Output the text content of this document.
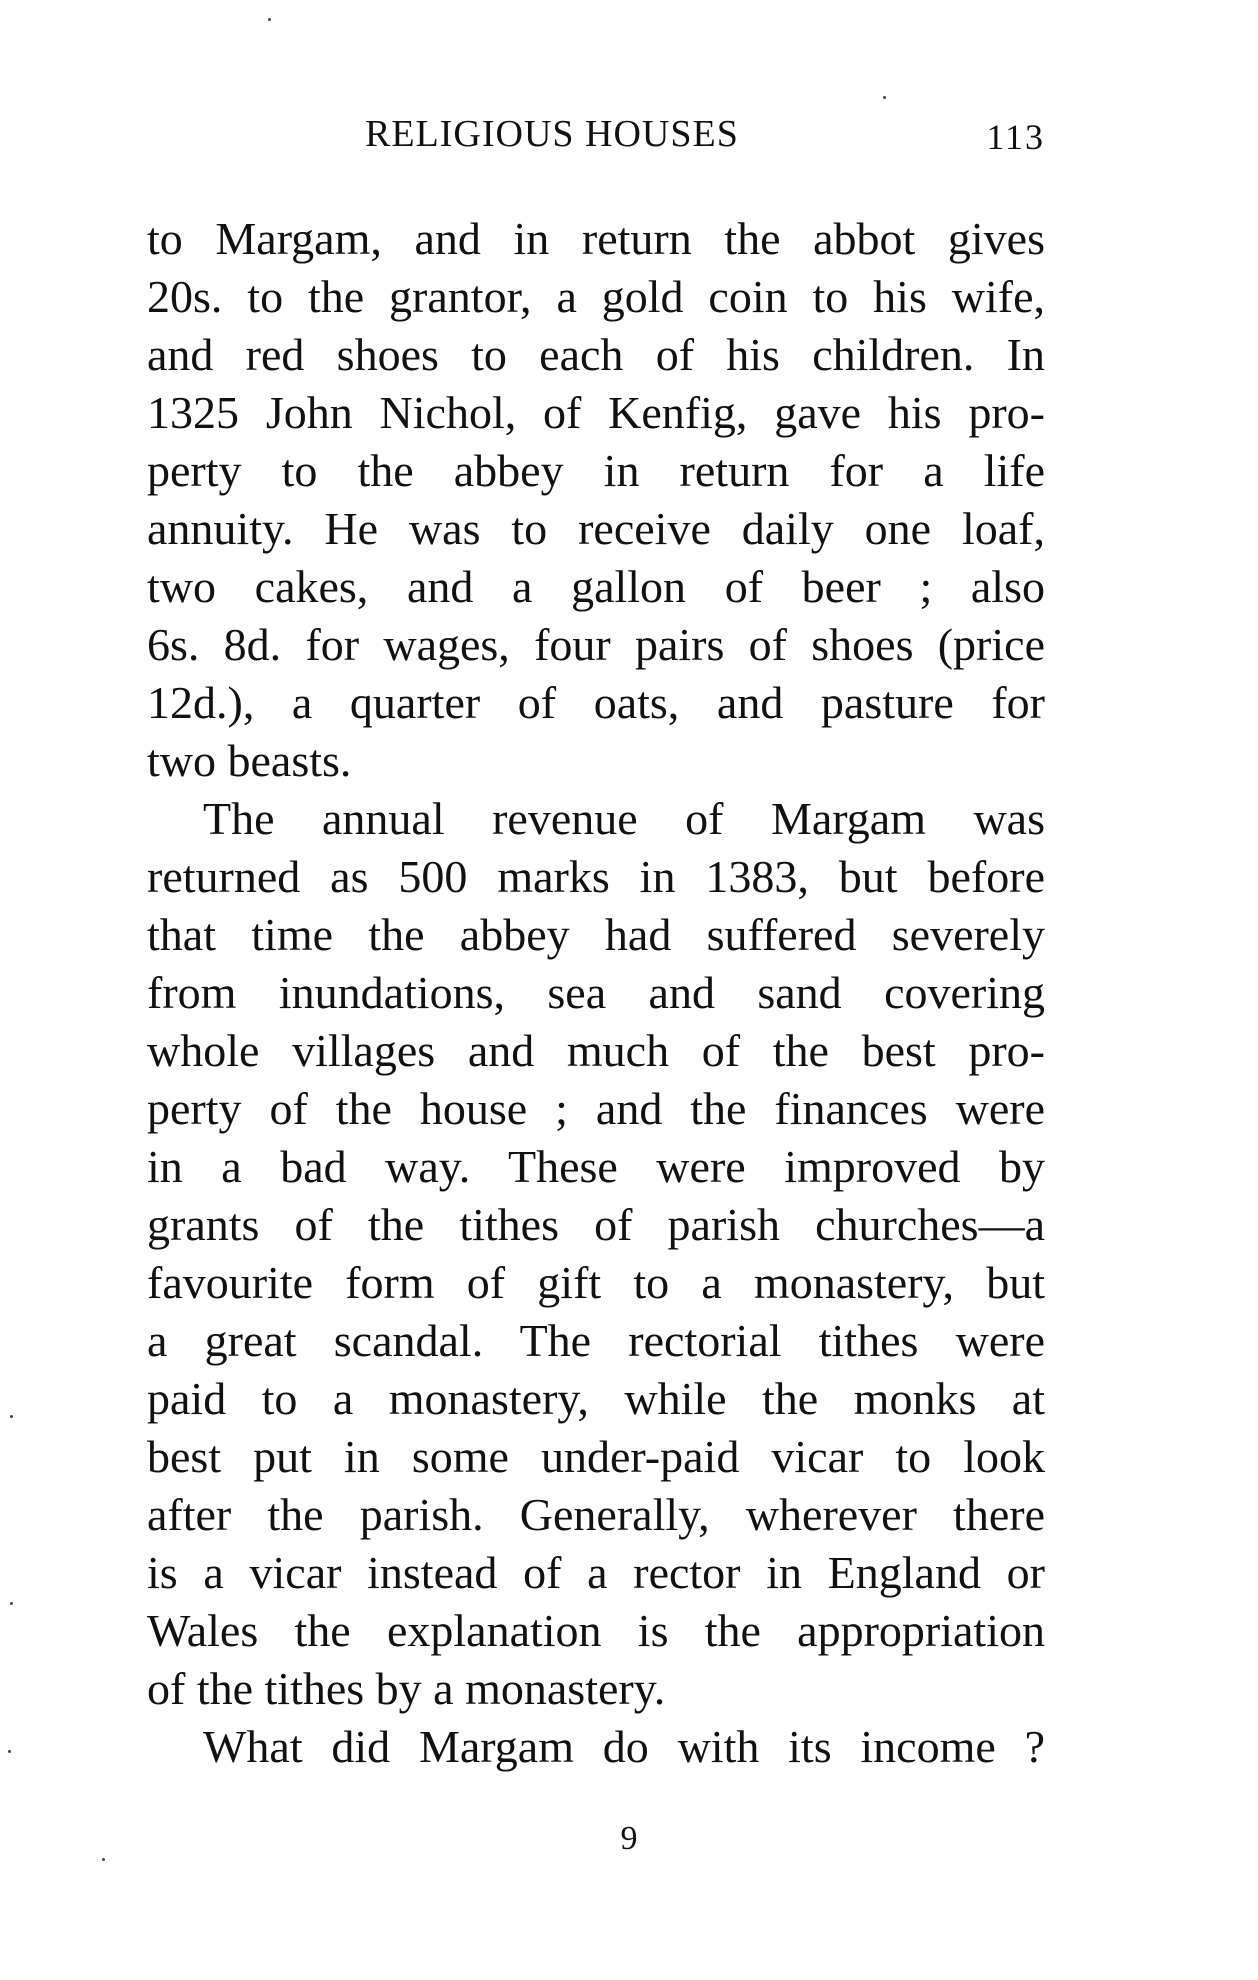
RELIGIOUS HOUSES	113
to Margam, and in return the abbot gives
20s. to the grantor, a gold coin to his wife,
and red shoes to each of his children. In
1325 John Nichol, of Kenfig, gave his pro-
perty to the abbey in return for a life
annuity. He was to receive daily one loaf,
two cakes, and a gallon of beer ; also
6s. 8d. for wages, four pairs of shoes (price
12d.), a quarter of oats, and pasture for
two beasts.
The annual revenue of Margam was
returned as 500 marks in 1383, but before
that time the abbey had suffered severely
from inundations, sea and sand covering
whole villages and much of the best pro-
perty of the house ; and the finances were
in a bad way. These were improved by
grants of the tithes of parish churches—a
favourite form of gift to a monastery, but
a great scandal. The rectorial tithes were
paid to a monastery, while the monks at
best put in some under-paid vicar to look
after the parish. Generally, wherever there
is a vicar instead of a rector in England or
Wales the explanation is the appropriation
of the tithes by a monastery.
What did Margam do with its income ?
9
